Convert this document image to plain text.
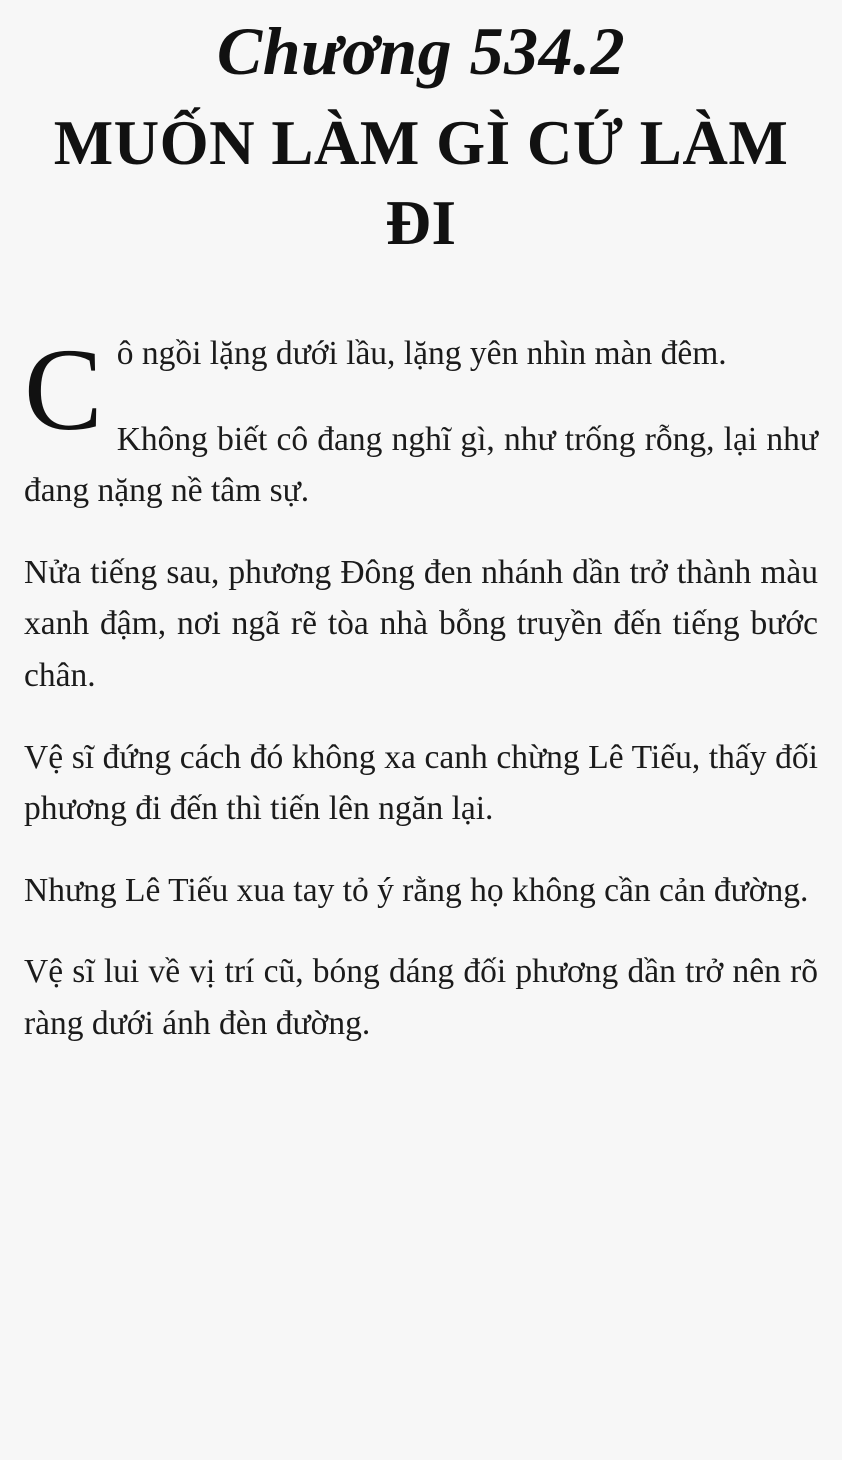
Chương 534.2
MUỐN LÀM GÌ CỨ LÀM ĐI

Cô ngồi lặng dưới lầu, lặng yên nhìn màn đêm.

Không biết cô đang nghĩ gì, như trống rỗng, lại như đang nặng nề tâm sự.

Nửa tiếng sau, phương Đông đen nhánh dần trở thành màu xanh đậm, nơi ngã rẽ tòa nhà bỗng truyền đến tiếng bước chân.

Vệ sĩ đứng cách đó không xa canh chừng Lê Tiếu, thấy đối phương đi đến thì tiến lên ngăn lại.

Nhưng Lê Tiếu xua tay tỏ ý rằng họ không cần cản đường.

Vệ sĩ lui về vị trí cũ, bóng dáng đối phương dần trở nên rõ ràng dưới ánh đèn đường.
